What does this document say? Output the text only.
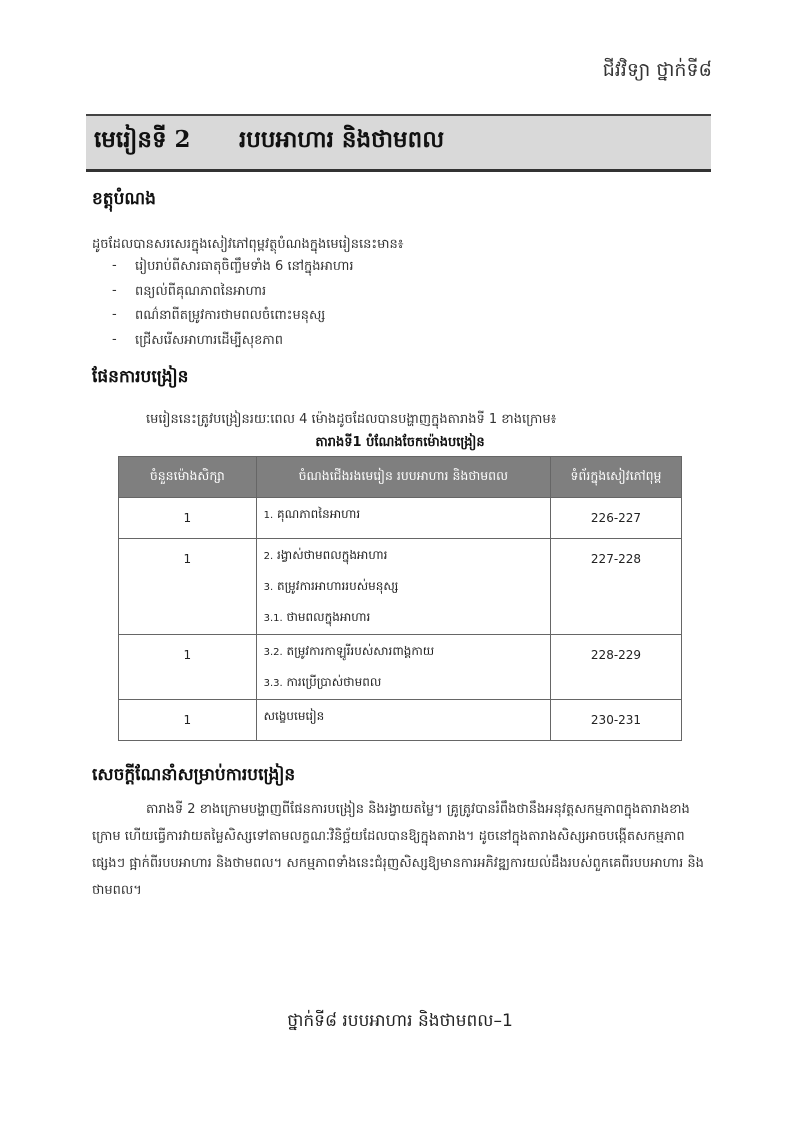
ជីវវិទ្យា ថ្នាក់ទី៨
មេរៀនទី 2	របបអាហារ និងថាមពល
ខត្តុបំណង
ដូចដែលបានសរសេរក្នុងសៀវភៅពុម្ពវត្ថុបំណងក្នុងមេរៀននេះមាន៖
-	រៀបរាប់ពីសារធាតុចិញ្ចឹមទាំង 6 នៅក្នុងអាហារ
-	ពន្យល់ពីគុណភាពនៃអាហារ
-	ពណ៌នាពីតម្រូវការថាមពលចំពោះមនុស្ស
-	ជ្រើសរើសអាហារដើម្បីសុខភាព
ផែនការបង្រៀន
មេរៀននេះត្រូវបង្រៀនរយៈពេល 4 ម៉ោងដូចដែលបានបង្ហាញក្នុងតារាងទី 1 ខាងក្រោម៖
តារាងទី1 បំណែងចែកម៉ោងបង្រៀន
ចំនួនម៉ោងសិក្សា	ចំណងជើងរងមេរៀន របបអាហារ និងថាមពល	ទំព័រក្នុងសៀវភៅពុម្ព

1	1. គុណភាពនៃអាហារ	226-227

1	2. រង្វាស់ថាមពលក្នុងអាហារ
3. តម្រូវការអាហាររបស់មនុស្ស
3.1. ថាមពលក្នុងអាហារ	227-228

1	3.2. តម្រូវការកាឡូរីរបស់សារពាង្គកាយ
3.3. ការប្រើប្រាស់ថាមពល	228-229

1	សង្ខេបមេរៀន	230-231
សេចក្តីណែនាំសម្រាប់ការបង្រៀន
តារាងទី 2 ខាងក្រោមបង្ហាញពីផែនការបង្រៀន និងរង្វាយតម្លៃ។ គ្រូត្រូវបានរំពឹងថានឹងអនុវត្តសកម្មភាពក្នុងតារាងខាងក្រោម ហើយធ្វើការវាយតម្លៃសិស្សទៅតាមលក្ខណៈវិនិច្ឆ័យដែលបានឱ្យក្នុងតារាង។ ដូចនៅក្នុងតារាងសិស្សអាចបង្កើតសកម្មភាពផ្សេងៗ ផ្អាក់ពីរបបអាហារ និងថាមពល។ សកម្មភាពទាំងនេះជំរុញសិស្សឱ្យមានការអភិវឌ្ឍការយល់ដឹងរបស់ពួកគេពីរបបអាហារ និង ថាមពល។
ថ្នាក់ទី៨ របបអាហារ និងថាមពល–1
